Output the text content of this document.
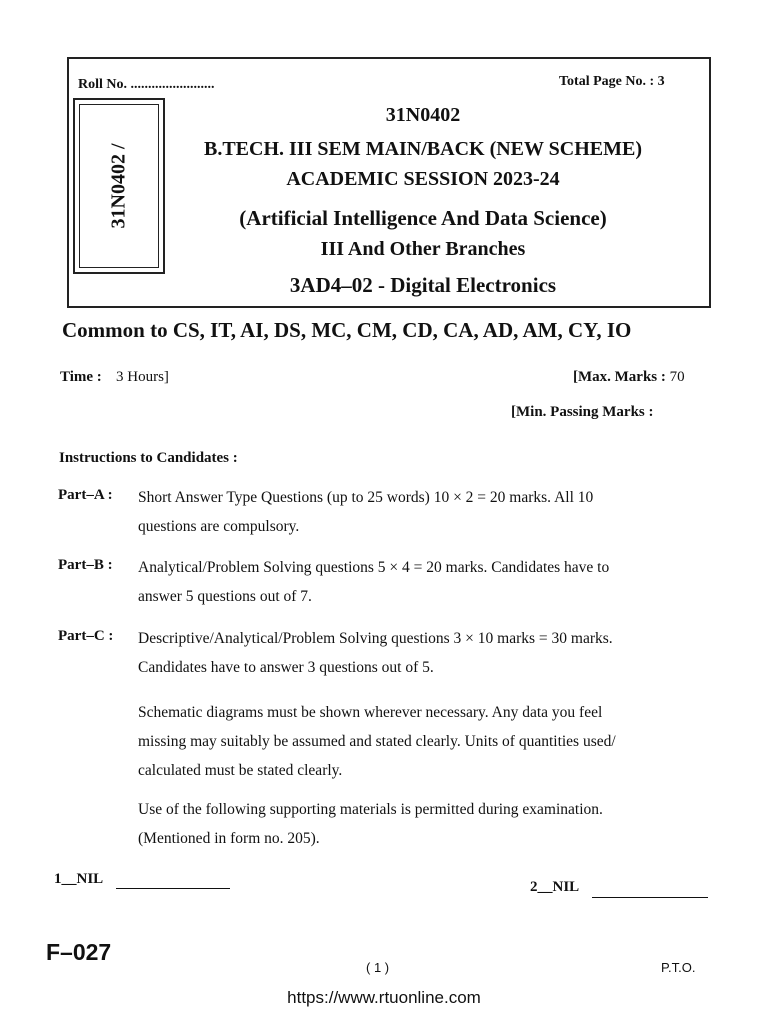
Roll No. ........................	Total Page No. : 3
31N0402 /
31N0402
B.TECH. III SEM MAIN/BACK (NEW SCHEME)
ACADEMIC SESSION 2023-24
(Artificial Intelligence And Data Science)
III And Other Branches
3AD4–02 - Digital Electronics
Common to CS, IT, AI, DS, MC, CM, CD, CA, AD, AM, CY, IO
Time : 3 Hours]	[Max. Marks : 70
[Min. Passing Marks :
Instructions to Candidates :
Part–A : Short Answer Type Questions (up to 25 words) 10 × 2 = 20 marks. All 10
questions are compulsory.
Part–B : Analytical/Problem Solving questions 5 × 4 = 20 marks. Candidates have to
answer 5 questions out of 7.
Part–C : Descriptive/Analytical/Problem Solving questions 3 × 10 marks = 30 marks.
Candidates have to answer 3 questions out of 5.
Schematic diagrams must be shown wherever necessary. Any data you feel
missing may suitably be assumed and stated clearly. Units of quantities used/
calculated must be stated clearly.
Use of the following supporting materials is permitted during examination.
(Mentioned in form no. 205).
1__NIL	2__NIL
F–027
( 1 )	P.T.O.
https://www.rtuonline.com
